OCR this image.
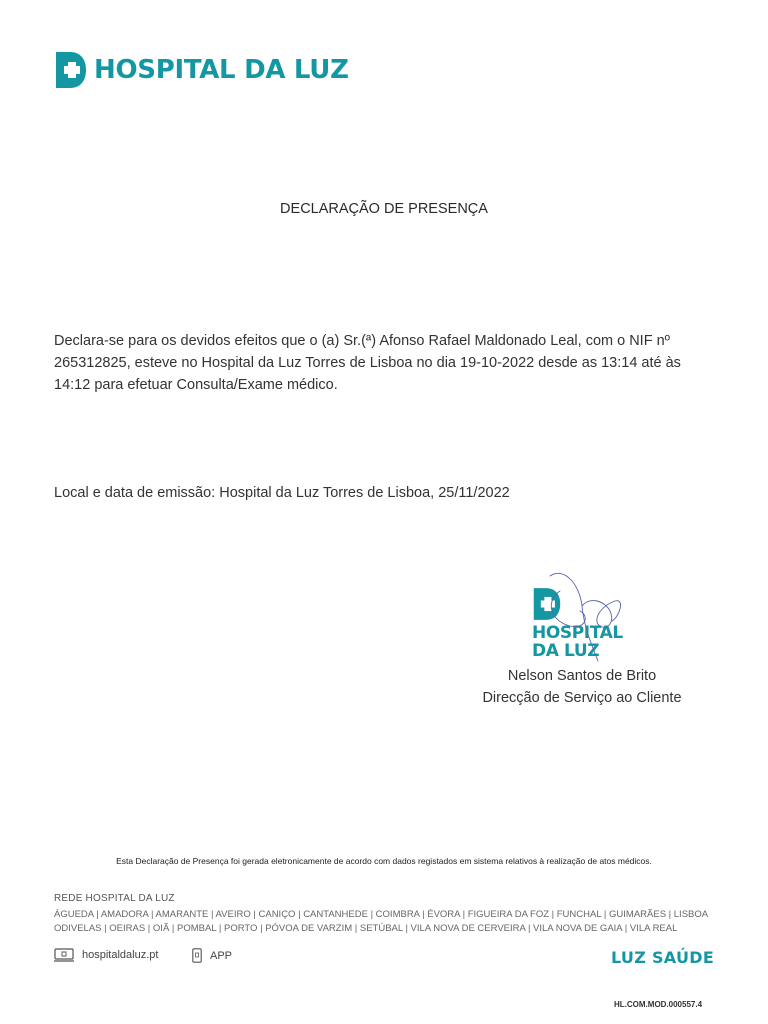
HOSPITAL DA LUZ
DECLARAÇÃO DE PRESENÇA
Declara-se para os devidos efeitos que o (a) Sr.(ª) Afonso Rafael Maldonado Leal, com o NIF nº
265312825, esteve no Hospital da Luz Torres de Lisboa no dia 19-10-2022 desde as 13:14 até às
14:12 para efetuar Consulta/Exame médico.
Local e data de emissão: Hospital da Luz Torres de Lisboa, 25/11/2022
HOSPITAL
DA LUZ
Nelson Santos de Brito
Direcção de Serviço ao Cliente
Esta Declaração de Presença foi gerada eletronicamente de acordo com dados registados em sistema relativos à realização de atos médicos.
REDE HOSPITAL DA LUZ
ÁGUEDA | AMADORA | AMARANTE | AVEIRO | CANIÇO | CANTANHEDE | COIMBRA | ÉVORA | FIGUEIRA DA FOZ | FUNCHAL | GUIMARÃES | LISBOA
ODIVELAS | OEIRAS | OIÃ | POMBAL | PORTO | PÓVOA DE VARZIM | SETÚBAL | VILA NOVA DE CERVEIRA | VILA NOVA DE GAIA | VILA REAL
hospitaldaluz.pt	APP	LUZ SAÚDE
HL.COM.MOD.000557.4
